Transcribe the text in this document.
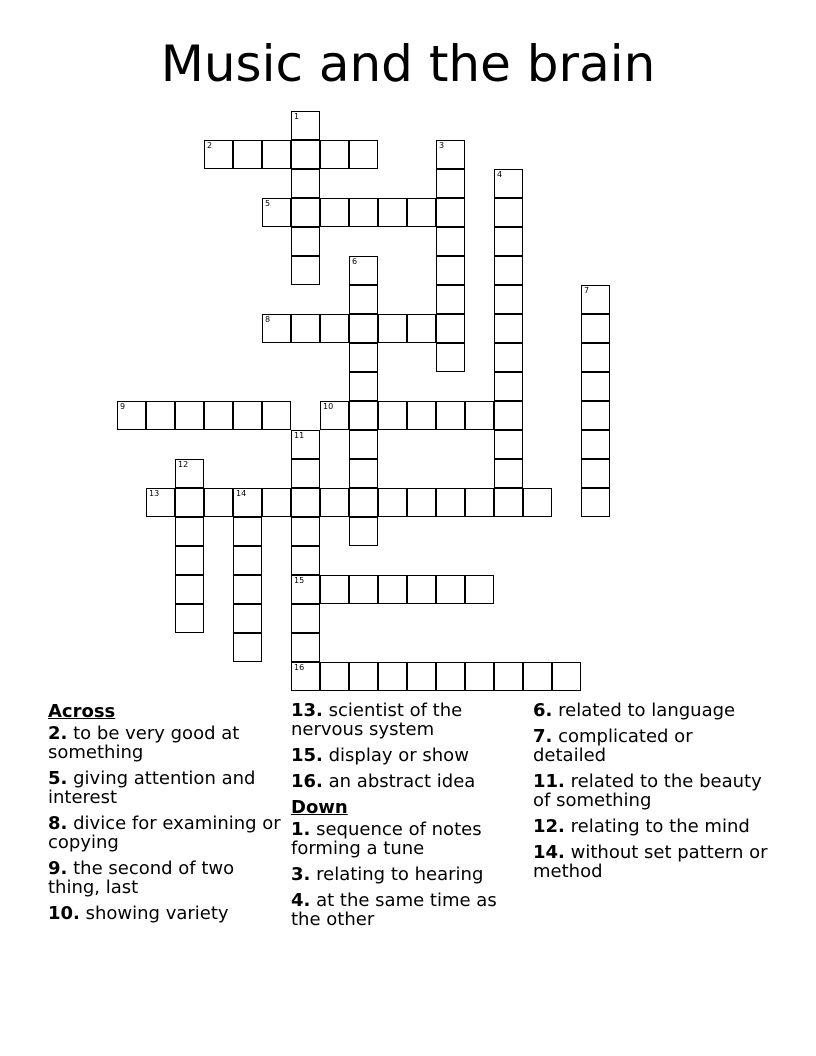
Music and the brain
1
2	3
4
5
6
7
8
9	10
11
15
16
12
13	14
Across
2. to be very good at something
5. giving attention and interest
8. divice for examining or copying
9. the second of two thing, last
10. showing variety
13. scientist of the nervous system
15. display or show
16. an abstract idea
Down
1. sequence of notes forming a tune
3. relating to hearing
4. at the same time as the other
6. related to language
7. complicated or detailed
11. related to the beauty of something
12. relating to the mind
14. without set pattern or method
